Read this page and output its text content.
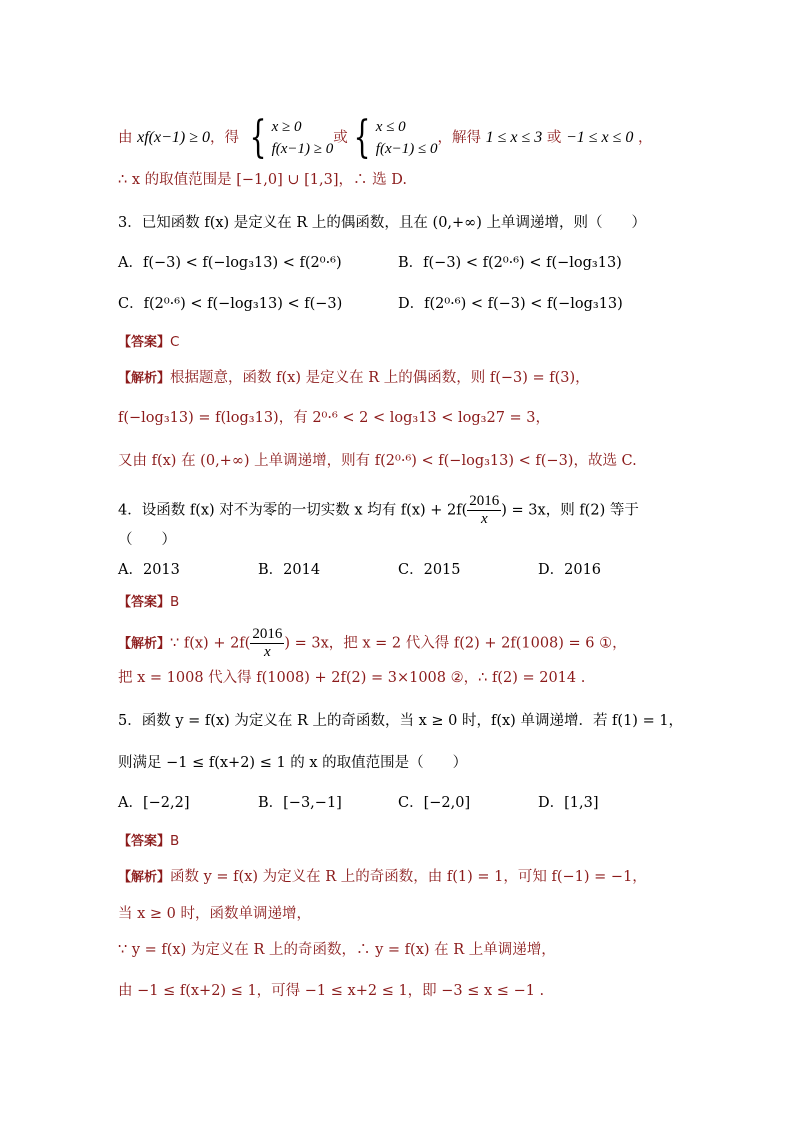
由 xf(x−1) ≥ 0，得 { x ≥ 0
f(x−1) ≥ 0或 { x ≤ 0
f(x−1) ≤ 0，解得 1 ≤ x ≤ 3 或 −1 ≤ x ≤ 0 ，
∴ x 的取值范围是 [−1,0] ∪ [1,3]，∴ 选 D.
3．已知函数 f(x) 是定义在 R 上的偶函数，且在 (0,+∞) 上单调递增，则（　　）
A．f(−3) < f(−log₃13) < f(2⁰·⁶)	B．f(−3) < f(2⁰·⁶) < f(−log₃13)
C．f(2⁰·⁶) < f(−log₃13) < f(−3)	D．f(2⁰·⁶) < f(−3) < f(−log₃13)
【答案】C
【解析】根据题意，函数 f(x) 是定义在 R 上的偶函数，则 f(−3) = f(3)，
f(−log₃13) = f(log₃13)，有 2⁰·⁶ < 2 < log₃13 < log₃27 = 3，
又由 f(x) 在 (0,+∞) 上单调递增，则有 f(2⁰·⁶) < f(−log₃13) < f(−3)，故选 C.
4．设函数 f(x) 对不为零的一切实数 x 均有 $f(x) + 2f( \frac{2016}{x}$ ) = 3x，则 f(2) 等于
（　　）
A．2013	B．2014	C．2015	D．2016
【答案】B
【解析】∵ $f(x) + 2f( \frac{2016}{x}$ ) = 3x，把 x = 2 代入得 f(2) + 2f(1008) = 6 ①，
把 x = 1008 代入得 f(1008) + 2f(2) = 3×1008 ②，∴ f(2) = 2014 .
5．函数 y = f(x) 为定义在 R 上的奇函数，当 x ≥ 0 时，f(x) 单调递增．若 f(1) = 1，
则满足 −1 ≤ f(x+2) ≤ 1 的 x 的取值范围是（　　）
A．[−2,2]	B．[−3,−1]	C．[−2,0]	D．[1,3]
【答案】B
【解析】函数 y = f(x) 为定义在 R 上的奇函数，由 f(1) = 1，可知 f(−1) = −1，
当 x ≥ 0 时，函数单调递增，
∵ y = f(x) 为定义在 R 上的奇函数，∴ y = f(x) 在 R 上单调递增，
由 −1 ≤ f(x+2) ≤ 1，可得 −1 ≤ x+2 ≤ 1，即 −3 ≤ x ≤ −1 .
